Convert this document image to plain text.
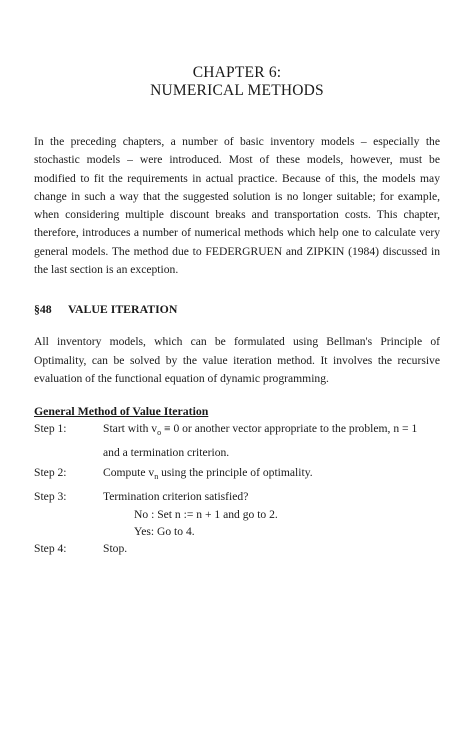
CHAPTER 6:
NUMERICAL METHODS

In the preceding chapters, a number of basic inventory models – especially the stochastic models – were introduced. Most of these models, however, must be modified to fit the requirements in actual practice. Because of this, the models may change in such a way that the suggested solution is no longer suitable; for example, when considering multiple discount breaks and transportation costs. This chapter, therefore, introduces a number of numerical methods which help one to calculate very general models. The method due to FEDERGRUEN and ZIPKIN (1984) discussed in the last section is an exception.

§48 VALUE ITERATION

All inventory models, which can be formulated using Bellman's Principle of Optimality, can be solved by the value iteration method. It involves the recursive evaluation of the functional equation of dynamic programming.

General Method of Value Iteration
Step 1:	Start with $v_o \equiv 0$ or another vector appropriate to the problem, n = 1
and a termination criterion.
Step 2:	Compute $v_n$ using the principle of optimality.
Step 3:	Termination criterion satisfied?
No : Set n := n + 1 and go to 2.
Yes: Go to 4.
Step 4:	Stop.
